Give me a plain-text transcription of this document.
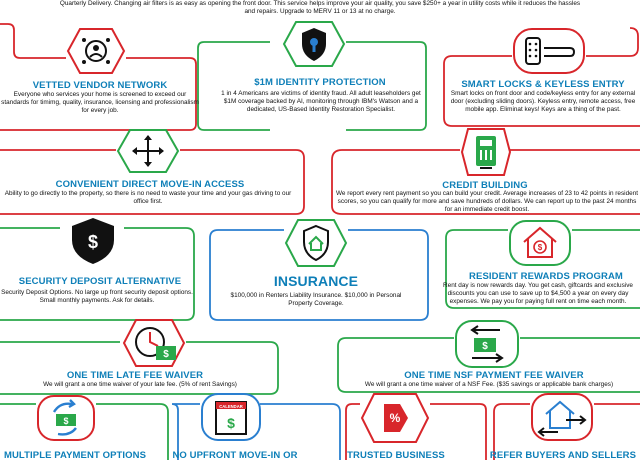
Quarterly Delivery. Changing air filters is as easy as opening the front door. This service helps improve your air quality, you save $250+ a year in utility costs while it reduces the hassles
and repairs. Upgrade to MERV 11 or 13 at no charge.
VETTED VENDOR NETWORK
Everyone who services your home is screened to exceed our standards for timimg, quality, insurance, licensing and professionalism for every job.
$1M IDENTITY PROTECTION
1 in 4 Americans are victims of identity fraud. All adult leaseholders get $1M coverage backed by AI, monitoring through IBM's Watson and a dedicated, US-Based Identity Restoration Specialist.
SMART LOCKS & KEYLESS ENTRY
Smart locks on front door and code/keyless entry for any external door (excluding sliding doors). Keyless entry, remote access, free mobile app. Eliminat keys! Keys are a thing of the past.
CONVENIENT DIRECT MOVE-IN ACCESS
Ability to go directly to the property, so there is no need to waste your time and your gas driving to our office first.
CREDIT BUILDING
We report every rent payment so you can build your credit. Average increases of 23 to 42 points in resident scores, so you can qualify for more and save hundreds of dollars. We can report up to the past 24 months for an immediate credit boost.
$
SECURITY DEPOSIT ALTERNATIVE
Security Deposit Options. No large up front security deposit options. Small monthly payments. Ask for details.
INSURANCE
$100,000 in Renters Liability Insurance. $10,000 in Personal Property Coverage.
$
RESIDENT REWARDS PROGRAM
Rent day is now rewards day. You get cash, giftcards and exclusive discounts you can use to save up to $4,500 a year on every day expenses. We pay you for paying full rent on time each month.
$
ONE TIME LATE FEE WAIVER
We will grant a one time waiver of your late fee. (5% of rent Savings)
$
ONE TIME NSF PAYMENT FEE WAIVER
We will grant a one time waiver of a NSF Fee. ($35 savings or applicable bank charges)
$
MULTIPLE PAYMENT OPTIONS
CALENDAR
$
NO UPFRONT MOVE-IN OR
%
TRUSTED BUSINESS	REFER BUYERS AND SELLERS
